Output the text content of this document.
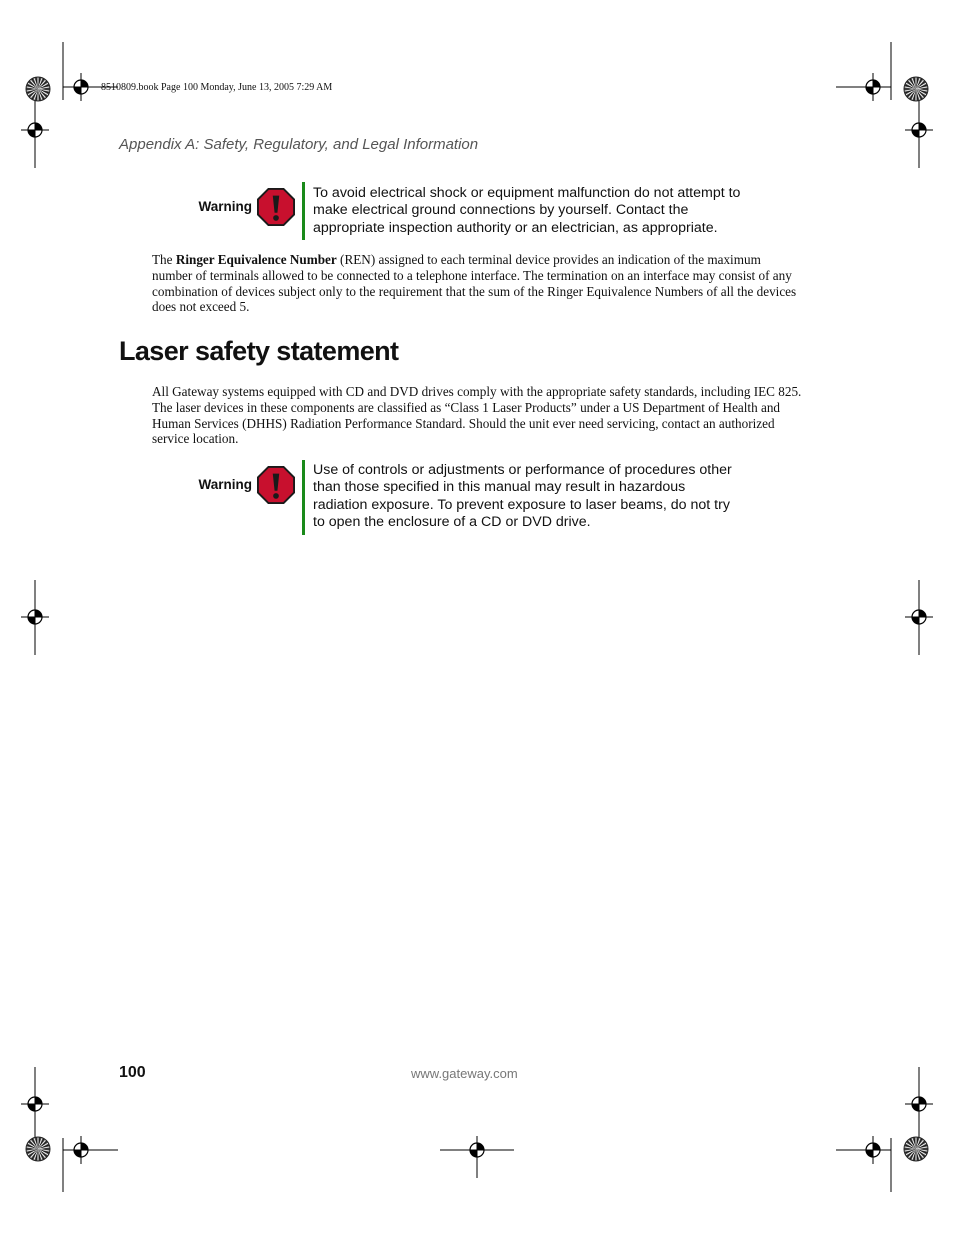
8510809.book Page 100 Monday, June 13, 2005 7:29 AM
Appendix A: Safety, Regulatory, and Legal Information
Warning
To avoid electrical shock or equipment malfunction do not attempt to make electrical ground connections by yourself. Contact the appropriate inspection authority or an electrician, as appropriate.
The Ringer Equivalence Number (REN) assigned to each terminal device provides an indication of the maximum number of terminals allowed to be connected to a telephone interface. The termination on an interface may consist of any combination of devices subject only to the requirement that the sum of the Ringer Equivalence Numbers of all the devices does not exceed 5.
Laser safety statement
All Gateway systems equipped with CD and DVD drives comply with the appropriate safety standards, including IEC 825. The laser devices in these components are classified as “Class 1 Laser Products” under a US Department of Health and Human Services (DHHS) Radiation Performance Standard. Should the unit ever need servicing, contact an authorized service location.
Warning
Use of controls or adjustments or performance of procedures other than those specified in this manual may result in hazardous radiation exposure. To prevent exposure to laser beams, do not try to open the enclosure of a CD or DVD drive.
100	www.gateway.com
